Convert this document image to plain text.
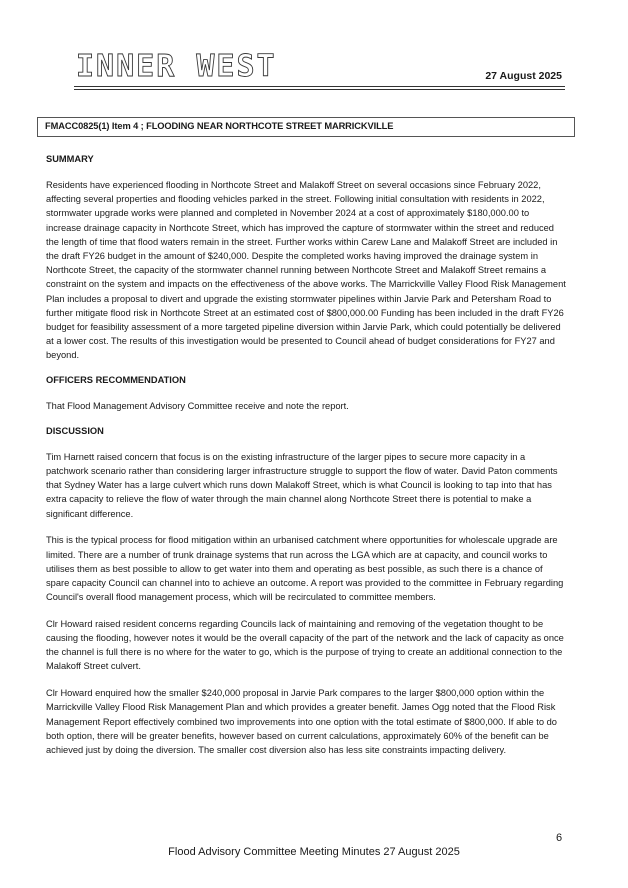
INNER WEST	27 August 2025
FMACC0825(1) Item 4 ; FLOODING NEAR NORTHCOTE STREET MARRICKVILLE
SUMMARY
Residents have experienced flooding in Northcote Street and Malakoff Street on several occasions since February 2022, affecting several properties and flooding vehicles parked in the street. Following initial consultation with residents in 2022, stormwater upgrade works were planned and completed in November 2024 at a cost of approximately $180,000.00 to increase drainage capacity in Northcote Street, which has improved the capture of stormwater within the street and reduced the length of time that flood waters remain in the street. Further works within Carew Lane and Malakoff Street are included in the draft FY26 budget in the amount of $240,000. Despite the completed works having improved the drainage system in Northcote Street, the capacity of the stormwater channel running between Northcote Street and Malakoff Street remains a constraint on the system and impacts on the effectiveness of the above works. The Marrickville Valley Flood Risk Management Plan includes a proposal to divert and upgrade the existing stormwater pipelines within Jarvie Park and Petersham Road to further mitigate flood risk in Northcote Street at an estimated cost of $800,000.00 Funding has been included in the draft FY26 budget for feasibility assessment of a more targeted pipeline diversion within Jarvie Park, which could potentially be delivered at a lower cost. The results of this investigation would be presented to Council ahead of budget considerations for FY27 and beyond.
OFFICERS RECOMMENDATION
That Flood Management Advisory Committee receive and note the report.
DISCUSSION
Tim Harnett raised concern that focus is on the existing infrastructure of the larger pipes to secure more capacity in a patchwork scenario rather than considering larger infrastructure struggle to support the flow of water. David Paton comments that Sydney Water has a large culvert which runs down Malakoff Street, which is what Council is looking to tap into that has extra capacity to relieve the flow of water through the main channel along Northcote Street there is potential to make a significant difference.
This is the typical process for flood mitigation within an urbanised catchment where opportunities for wholescale upgrade are limited. There are a number of trunk drainage systems that run across the LGA which are at capacity, and council works to utilises them as best possible to allow to get water into them and operating as best possible, as such there is a chance of spare capacity Council can channel into to achieve an outcome. A report was provided to the committee in February regarding Council's overall flood management process, which will be recirculated to committee members.
Clr Howard raised resident concerns regarding Councils lack of maintaining and removing of the vegetation thought to be causing the flooding, however notes it would be the overall capacity of the part of the network and the lack of capacity as once the channel is full there is no where for the water to go, which is the purpose of trying to create an additional connection to the Malakoff Street culvert.
Clr Howard enquired how the smaller $240,000 proposal in Jarvie Park compares to the larger $800,000 option within the Marrickville Valley Flood Risk Management Plan and which provides a greater benefit. James Ogg noted that the Flood Risk Management Report effectively combined two improvements into one option with the total estimate of $800,000. If able to do both option, there will be greater benefits, however based on current calculations, approximately 60% of the benefit can be achieved just by doing the diversion. The smaller cost diversion also has less site constraints impacting delivery.
6
Flood Advisory Committee Meeting Minutes 27 August 2025
